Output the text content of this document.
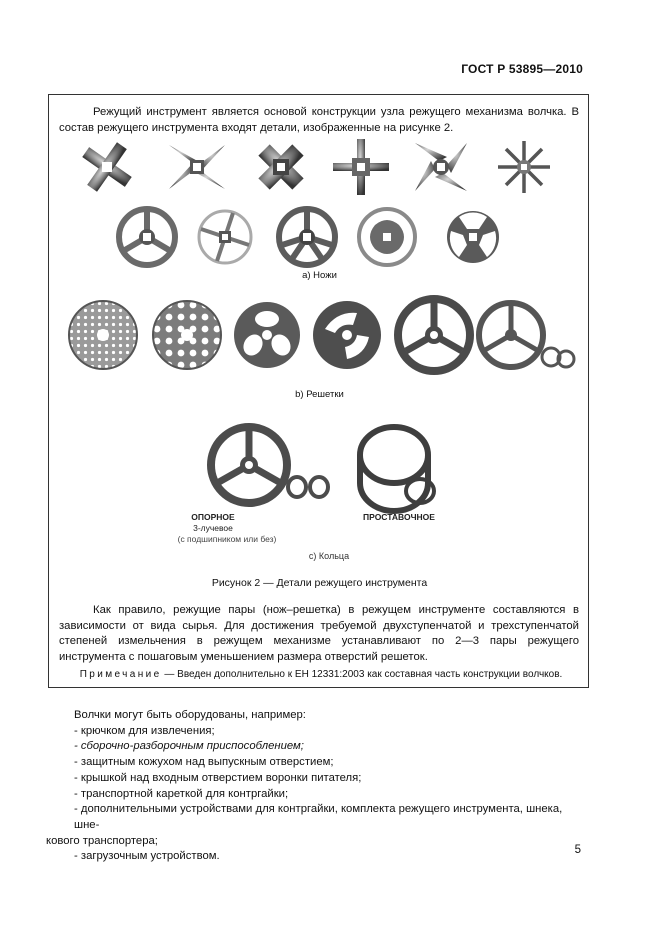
ГОСТ Р 53895—2010
Режущий инструмент является основой конструкции узла режущего механизма волчка. В состав режущего инструмента входят детали, изображенные на рисунке 2.
а) Ножи
b) Решетки
ОПОРНОЕ
3-лучевое
(с подшипником или без)
ПРОСТАВОЧНОЕ
с) Кольца
Рисунок 2 — Детали режущего инструмента
Как правило, режущие пары (нож–решетка) в режущем инструменте составляются в зависимости от вида сырья. Для достижения требуемой двухступенчатой и трехступенчатой степеней измельчения в режущем механизме устанавливают по 2—3 пары режущего инструмента с пошаговым уменьшением размера отверстий решеток.
Примечание — Введен дополнительно к ЕН 12331:2003 как составная часть конструкции волчков.
Волчки могут быть оборудованы, например:
- крючком для извлечения;
- сборочно-разборочным приспособлением;
- защитным кожухом над выпускным отверстием;
- крышкой над входным отверстием воронки питателя;
- транспортной кареткой для контргайки;
- дополнительными устройствами для контргайки, комплекта режущего инструмента, шнека, шне-
кового транспортера;
- загрузочным устройством.
5
